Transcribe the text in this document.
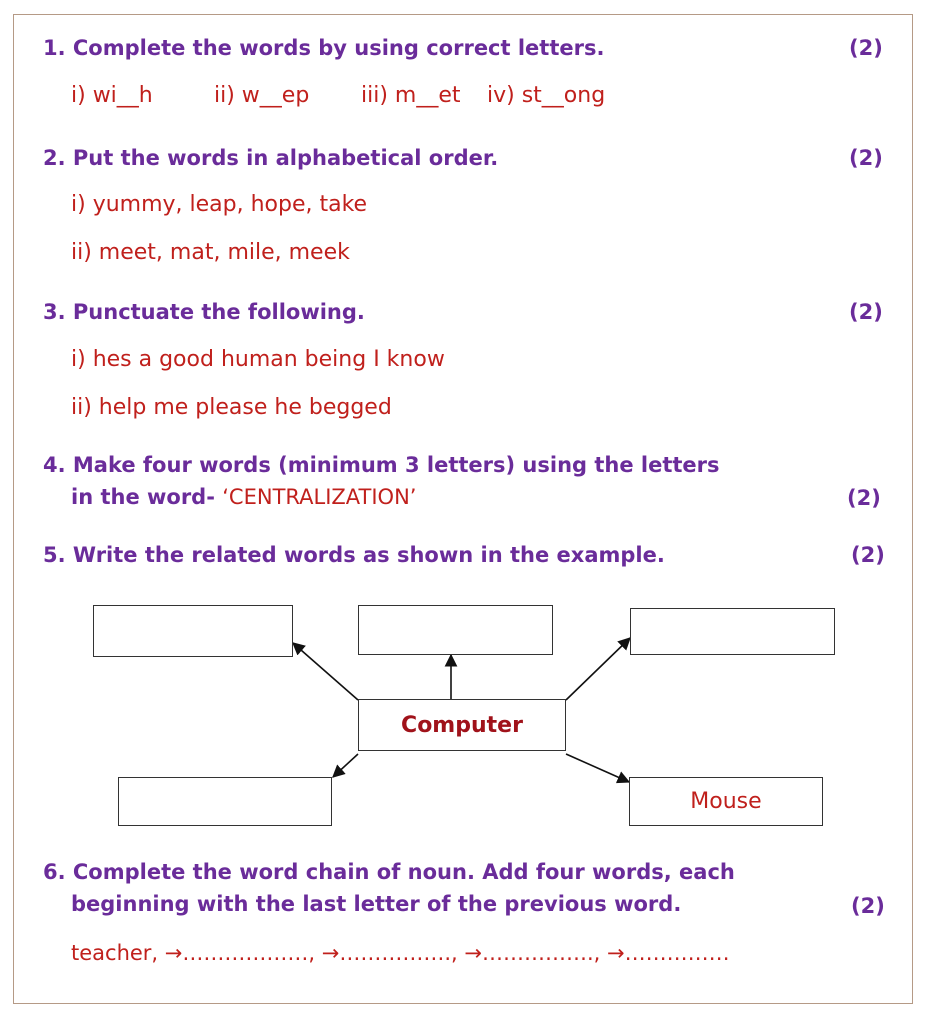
1. Complete the words by using correct letters.	(2)
i) wi__h	ii) w__ep iii) m__et iv) st__ong
2. Put the words in alphabetical order.	(2)
i) yummy, leap, hope, take
ii) meet, mat, mile, meek
3. Punctuate the following.	(2)
i) hes a good human being I know
ii) help me please he begged
4. Make four words (minimum 3 letters) using the letters
in the word- ‘CENTRALIZATION’	(2)
5. Write the related words as shown in the example.	(2)
Computer
Mouse
6. Complete the word chain of noun. Add four words, each
beginning with the last letter of the previous word.	(2)
teacher, →………………, →……………., →……………., →……………
